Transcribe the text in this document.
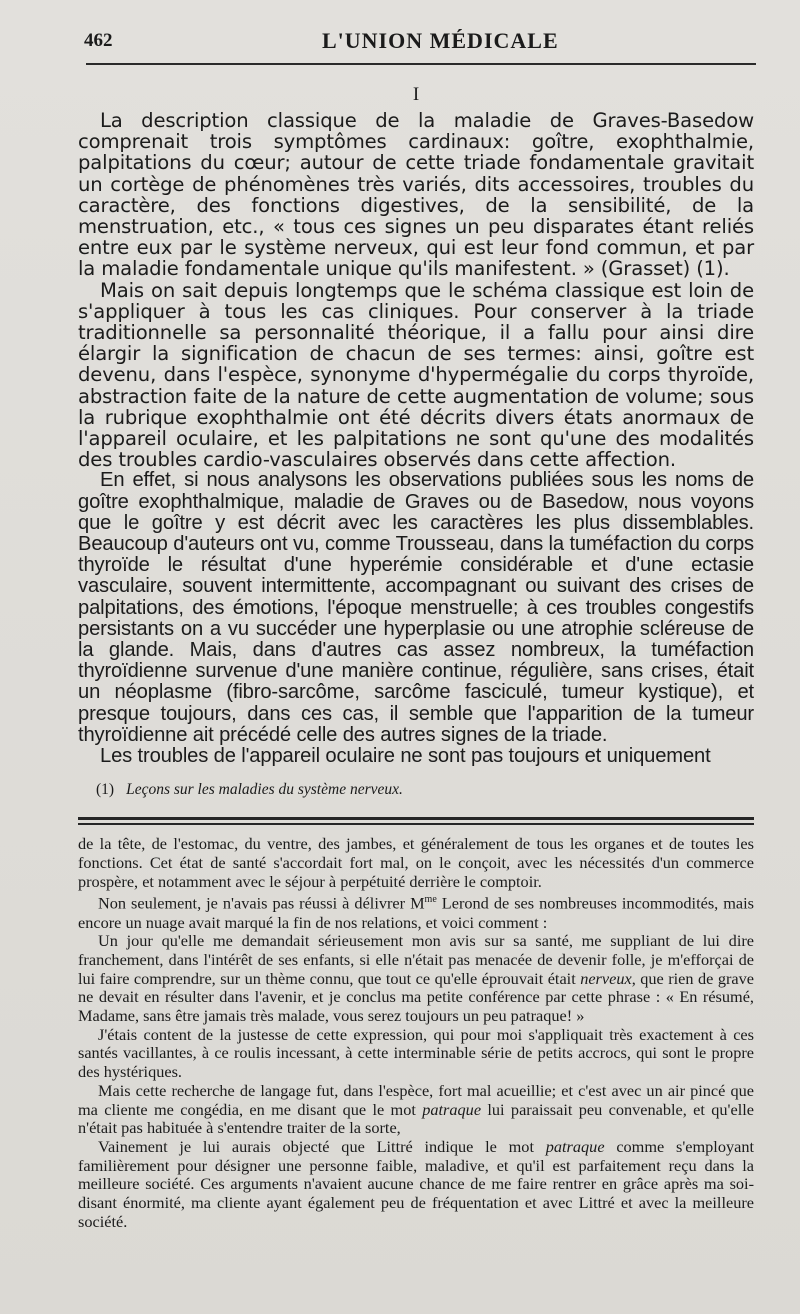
462	L'UNION MÉDICALE
I

La description classique de la maladie de Graves-Basedow comprenait trois symptômes cardinaux: goître, exophthalmie, palpitations du cœur; autour de cette triade fondamentale gravitait un cortège de phénomènes très variés, dits accessoires, troubles du caractère, des fonctions digestives, de la sensibilité, de la menstruation, etc., « tous ces signes un peu disparates étant reliés entre eux par le système nerveux, qui est leur fond commun, et par la maladie fondamentale unique qu'ils manifestent. » (Grasset) (1).

Mais on sait depuis longtemps que le schéma classique est loin de s'appliquer à tous les cas cliniques. Pour conserver à la triade traditionnelle sa personnalité théorique, il a fallu pour ainsi dire élargir la signification de chacun de ses termes: ainsi, goître est devenu, dans l'espèce, synonyme d'hypermégalie du corps thyroïde, abstraction faite de la nature de cette augmentation de volume; sous la rubrique exophthalmie ont été décrits divers états anormaux de l'appareil oculaire, et les palpitations ne sont qu'une des modalités des troubles cardio-vasculaires observés dans cette affection.

En effet, si nous analysons les observations publiées sous les noms de goître exophthalmique, maladie de Graves ou de Basedow, nous voyons que le goître y est décrit avec les caractères les plus dissemblables. Beaucoup d'auteurs ont vu, comme Trousseau, dans la tuméfaction du corps thyroïde le résultat d'une hyperémie considérable et d'une ectasie vasculaire, souvent intermittente, accompagnant ou suivant des crises de palpitations, des émotions, l'époque menstruelle; à ces troubles congestifs persistants on a vu succéder une hyperplasie ou une atrophie scléreuse de la glande. Mais, dans d'autres cas assez nombreux, la tuméfaction thyroïdienne survenue d'une manière continue, régulière, sans crises, était un néoplasme (fibro-sarcôme, sarcôme fasciculé, tumeur kystique), et presque toujours, dans ces cas, il semble que l'apparition de la tumeur thyroïdienne ait précédé celle des autres signes de la triade.

Les troubles de l'appareil oculaire ne sont pas toujours et uniquement

(1) Leçons sur les maladies du système nerveux.

de la tête, de l'estomac, du ventre, des jambes, et généralement de tous les organes et de toutes les fonctions. Cet état de santé s'accordait fort mal, on le conçoit, avec les nécessités d'un commerce prospère, et notamment avec le séjour à perpétuité derrière le comptoir.

Non seulement, je n'avais pas réussi à délivrer $M^{me}$ Lerond de ses nombreuses incommodités, mais encore un nuage avait marqué la fin de nos relations, et voici comment :

Un jour qu'elle me demandait sérieusement mon avis sur sa santé, me suppliant de lui dire franchement, dans l'intérêt de ses enfants, si elle n'était pas menacée de devenir folle, je m'efforçai de lui faire comprendre, sur un thème connu, que tout ce qu'elle éprouvait était nerveux, que rien de grave ne devait en résulter dans l'avenir, et je conclus ma petite conférence par cette phrase : « En résumé, Madame, sans être jamais très malade, vous serez toujours un peu patraque! »

J'étais content de la justesse de cette expression, qui pour moi s'appliquait très exactement à ces santés vacillantes, à ce roulis incessant, à cette interminable série de petits accrocs, qui sont le propre des hystériques.

Mais cette recherche de langage fut, dans l'espèce, fort mal acueillie; et c'est avec un air pincé que ma cliente me congédia, en me disant que le mot patraque lui paraissait peu convenable, et qu'elle n'était pas habituée à s'entendre traiter de la sorte,

Vainement je lui aurais objecté que Littré indique le mot patraque comme s'employant familièrement pour désigner une personne faible, maladive, et qu'il est parfaitement reçu dans la meilleure société. Ces arguments n'avaient aucune chance de me faire rentrer en grâce après ma soi-disant énormité, ma cliente ayant également peu de fréquentation et avec Littré et avec la meilleure société.
